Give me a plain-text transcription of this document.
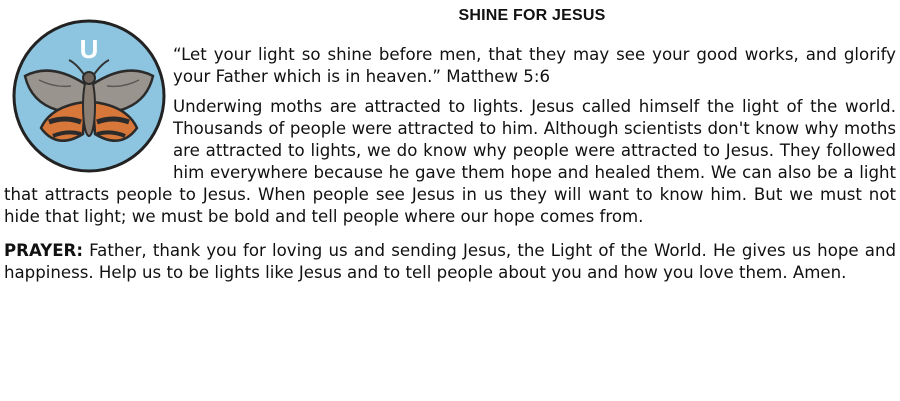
SHINE FOR JESUS
U	“Let your light so shine before men, that they may see your good works, and glorify your Father which is in heaven.” Matthew 5:6

Underwing moths are attracted to lights. Jesus called himself the light of the world. Thousands of people were attracted to him. Although scientists don't know why moths are attracted to lights, we do know why people were attracted to Jesus. They followed him everywhere because he gave them hope and healed them. We can also be a light that attracts people to Jesus. When people see Jesus in us they will want to know him. But we must not hide that light; we must be bold and tell people where our hope comes from.

PRAYER: Father, thank you for loving us and sending Jesus, the Light of the World. He gives us hope and happiness. Help us to be lights like Jesus and to tell people about you and how you love them. Amen.
